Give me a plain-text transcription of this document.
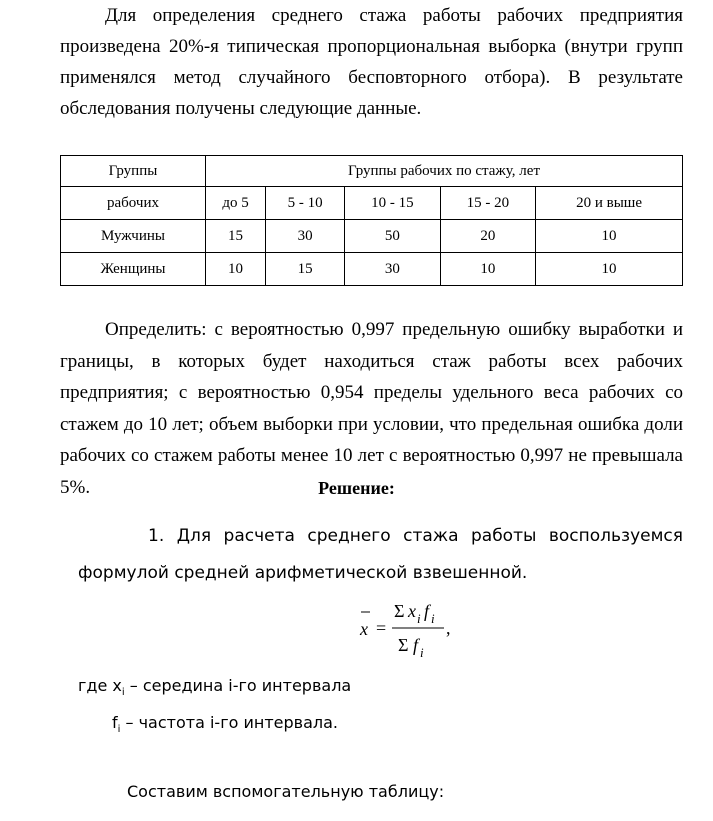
Для определения среднего стажа работы рабочих предприятия произведена 20%-я типическая пропорциональная выборка (внутри групп применялся метод случайного бесповторного отбора). В результате обследования получены следующие данные.

Группы	Группы рабочих по стажу, лет				
рабочих	до 5	5 - 10	10 - 15	15 - 20	20 и выше
Мужчины	15	30	50	20	10
Женщины	10	15	30	10	10

Определить: с вероятностью 0,997 предельную ошибку выработки и границы, в которых будет находиться стаж работы всех рабочих предприятия; с вероятностью 0,954 пределы удельного веса рабочих со стажем до 10 лет; объем выборки при условии, что предельная ошибка доли рабочих со стажем работы менее 10 лет с вероятностью 0,997 не превышала 5%.	Решение:

1. Для расчета среднего стажа работы воспользуемся формулой средней арифметической взвешенной.

x =
Σ x i f i
Σ f i
,

где $x_i$ – середина i-го интервала

$f_i$ – частота i-го интервала.

Составим вспомогательную таблицу:
